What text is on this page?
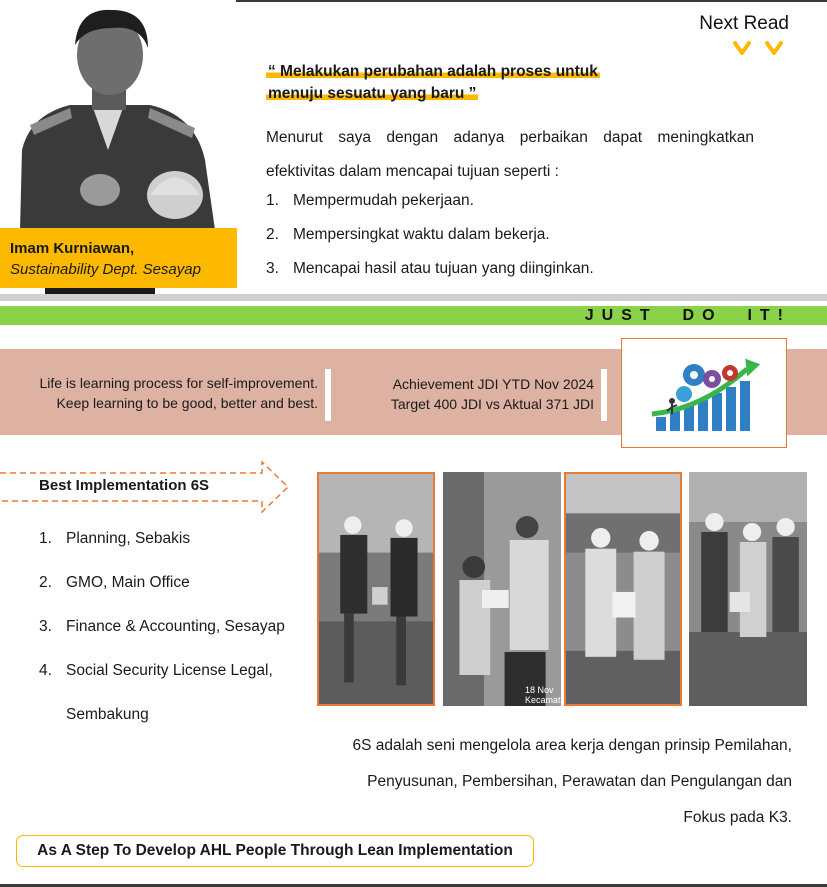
Next Read
Imam Kurniawan,
Sustainability Dept. Sesayap
“ Melakukan perubahan adalah proses untuk
menuju sesuatu yang baru ”
Menurut saya dengan adanya perbaikan dapat meningkatkan efektivitas dalam mencapai tujuan seperti :
1. Mempermudah pekerjaan.
2. Mempersingkat waktu dalam bekerja.
3. Mencapai hasil atau tujuan yang diinginkan.
JUST  DO  IT!
Life is learning process for self-improvement.
Keep learning to be good, better and best.
Achievement JDI YTD Nov 2024
Target 400 JDI vs Aktual 371 JDI
Best Implementation 6S
1. Planning, Sebakis
2. GMO, Main Office
3. Finance & Accounting, Sesayap
4. Social Security License Legal,
Sembakung
18 Nov
Kecamata
6S adalah seni mengelola area kerja dengan prinsip Pemilahan,
Penyusunan, Pembersihan, Perawatan dan Pengulangan dan
Fokus pada K3.
As A Step To Develop AHL People Through Lean Implementation
